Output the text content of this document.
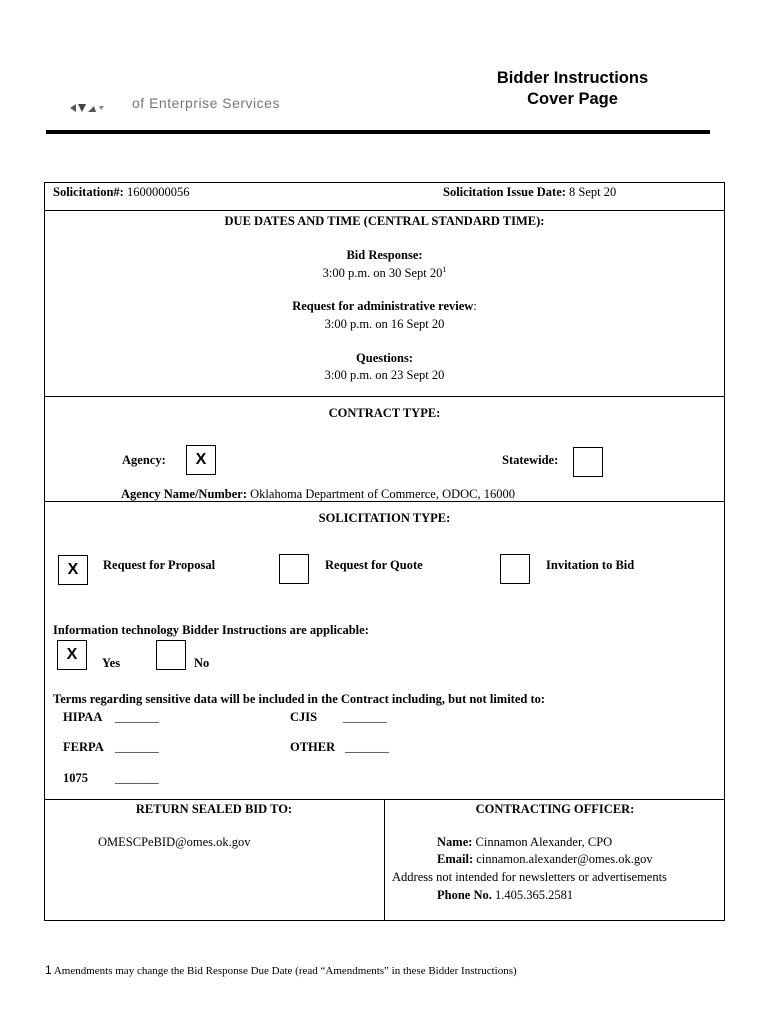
Bidder Instructions
Cover Page
of Enterprise Services
Solicitation#: 1600000056	Solicitation Issue Date: 8 Sept 20
DUE DATES AND TIME (CENTRAL STANDARD TIME):
Bid Response:
3:00 p.m. on 30 Sept $20^1$
Request for administrative review:
3:00 p.m. on 16 Sept 20
Questions:
3:00 p.m. on 23 Sept 20
CONTRACT TYPE:
Agency:	X	Statewide:
Agency Name/Number: Oklahoma Department of Commerce, ODOC, 16000
SOLICITATION TYPE:
X	Request for Proposal	Request for Quote	Invitation to Bid
Information technology Bidder Instructions are applicable:
X	Yes	No
Terms regarding sensitive data will be included in the Contract including, but not limited to:
HIPAA _______	CJIS _______
FERPA _______	OTHER _______
1075 _______
RETURN SEALED BID TO:
OMESCPeBID@omes.ok.gov
CONTRACTING OFFICER:
Name: Cinnamon Alexander, CPO
Email: cinnamon.alexander@omes.ok.gov
Address not intended for newsletters or advertisements
Phone No. 1.405.365.2581
1 Amendments may change the Bid Response Due Date (read “Amendments” in these Bidder Instructions)
